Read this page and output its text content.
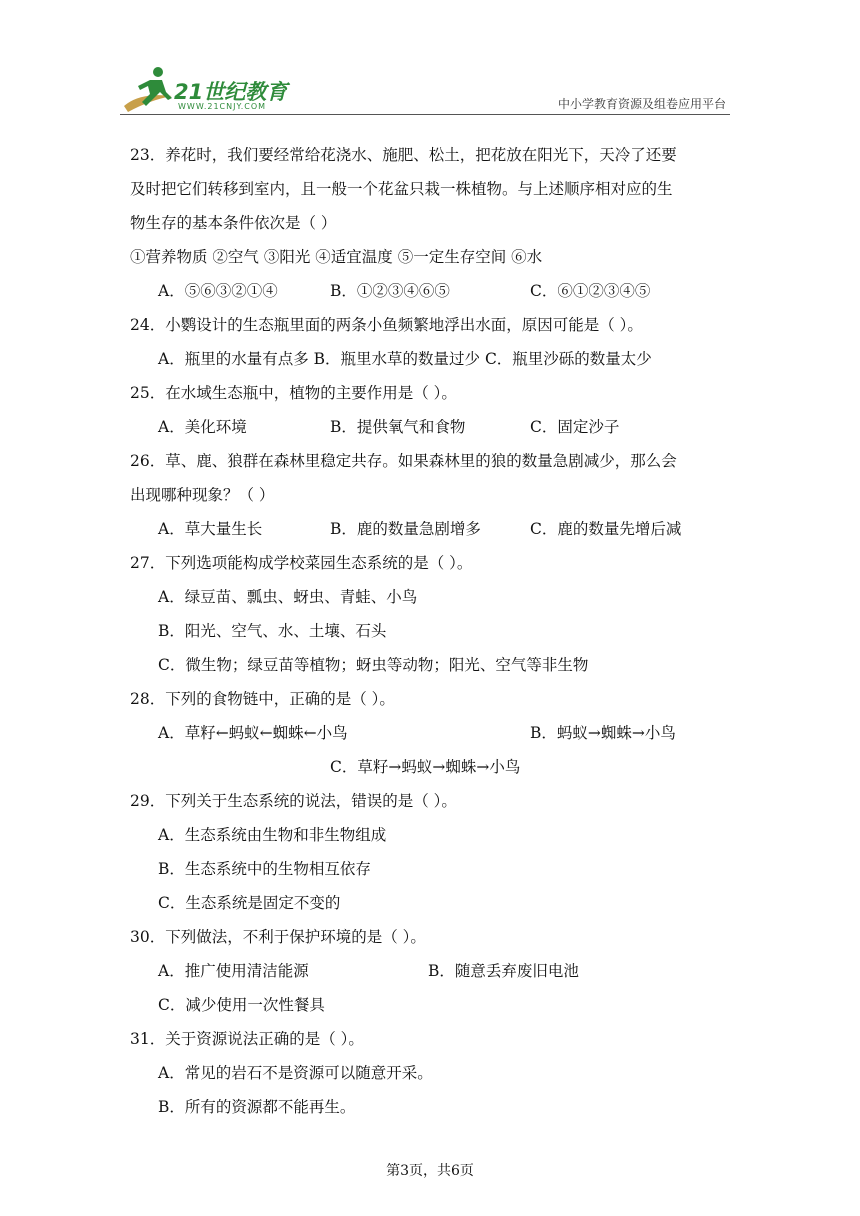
21世纪教育
WWW.21CNJY.COM	中小学教育资源及组卷应用平台
23．养花时，我们要经常给花浇水、施肥、松土，把花放在阳光下，天冷了还要
及时把它们转移到室内，且一般一个花盆只栽一株植物。与上述顺序相对应的生
物生存的基本条件依次是（ ）
①营养物质 ②空气 ③阳光 ④适宜温度 ⑤一定生存空间 ⑥水
A．⑤⑥③②①④	B．①②③④⑥⑤	C．⑥①②③④⑤
24．小鹦设计的生态瓶里面的两条小鱼频繁地浮出水面，原因可能是（ ）。
A．瓶里的水量有点多 B．瓶里水草的数量过少 C．瓶里沙砾的数量太少
25．在水域生态瓶中，植物的主要作用是（ ）。
A．美化环境	B．提供氧气和食物	C．固定沙子
26．草、鹿、狼群在森林里稳定共存。如果森林里的狼的数量急剧减少，那么会
出现哪种现象？（ ）
A．草大量生长	B．鹿的数量急剧增多	C．鹿的数量先增后减
27．下列选项能构成学校菜园生态系统的是（ ）。
A．绿豆苗、瓢虫、蚜虫、青蛙、小鸟
B．阳光、空气、水、土壤、石头
C．微生物；绿豆苗等植物；蚜虫等动物；阳光、空气等非生物
28．下列的食物链中，正确的是（ ）。
A．草籽←蚂蚁←蜘蛛←小鸟	B．蚂蚁→蜘蛛→小鸟
C．草籽→蚂蚁→蜘蛛→小鸟
29．下列关于生态系统的说法，错误的是（ ）。
A．生态系统由生物和非生物组成
B．生态系统中的生物相互依存
C．生态系统是固定不变的
30．下列做法，不利于保护环境的是（ ）。
A．推广使用清洁能源	B．随意丢弃废旧电池
C．减少使用一次性餐具
31．关于资源说法正确的是（ ）。
A．常见的岩石不是资源可以随意开采。
B．所有的资源都不能再生。
第3页，共6页
